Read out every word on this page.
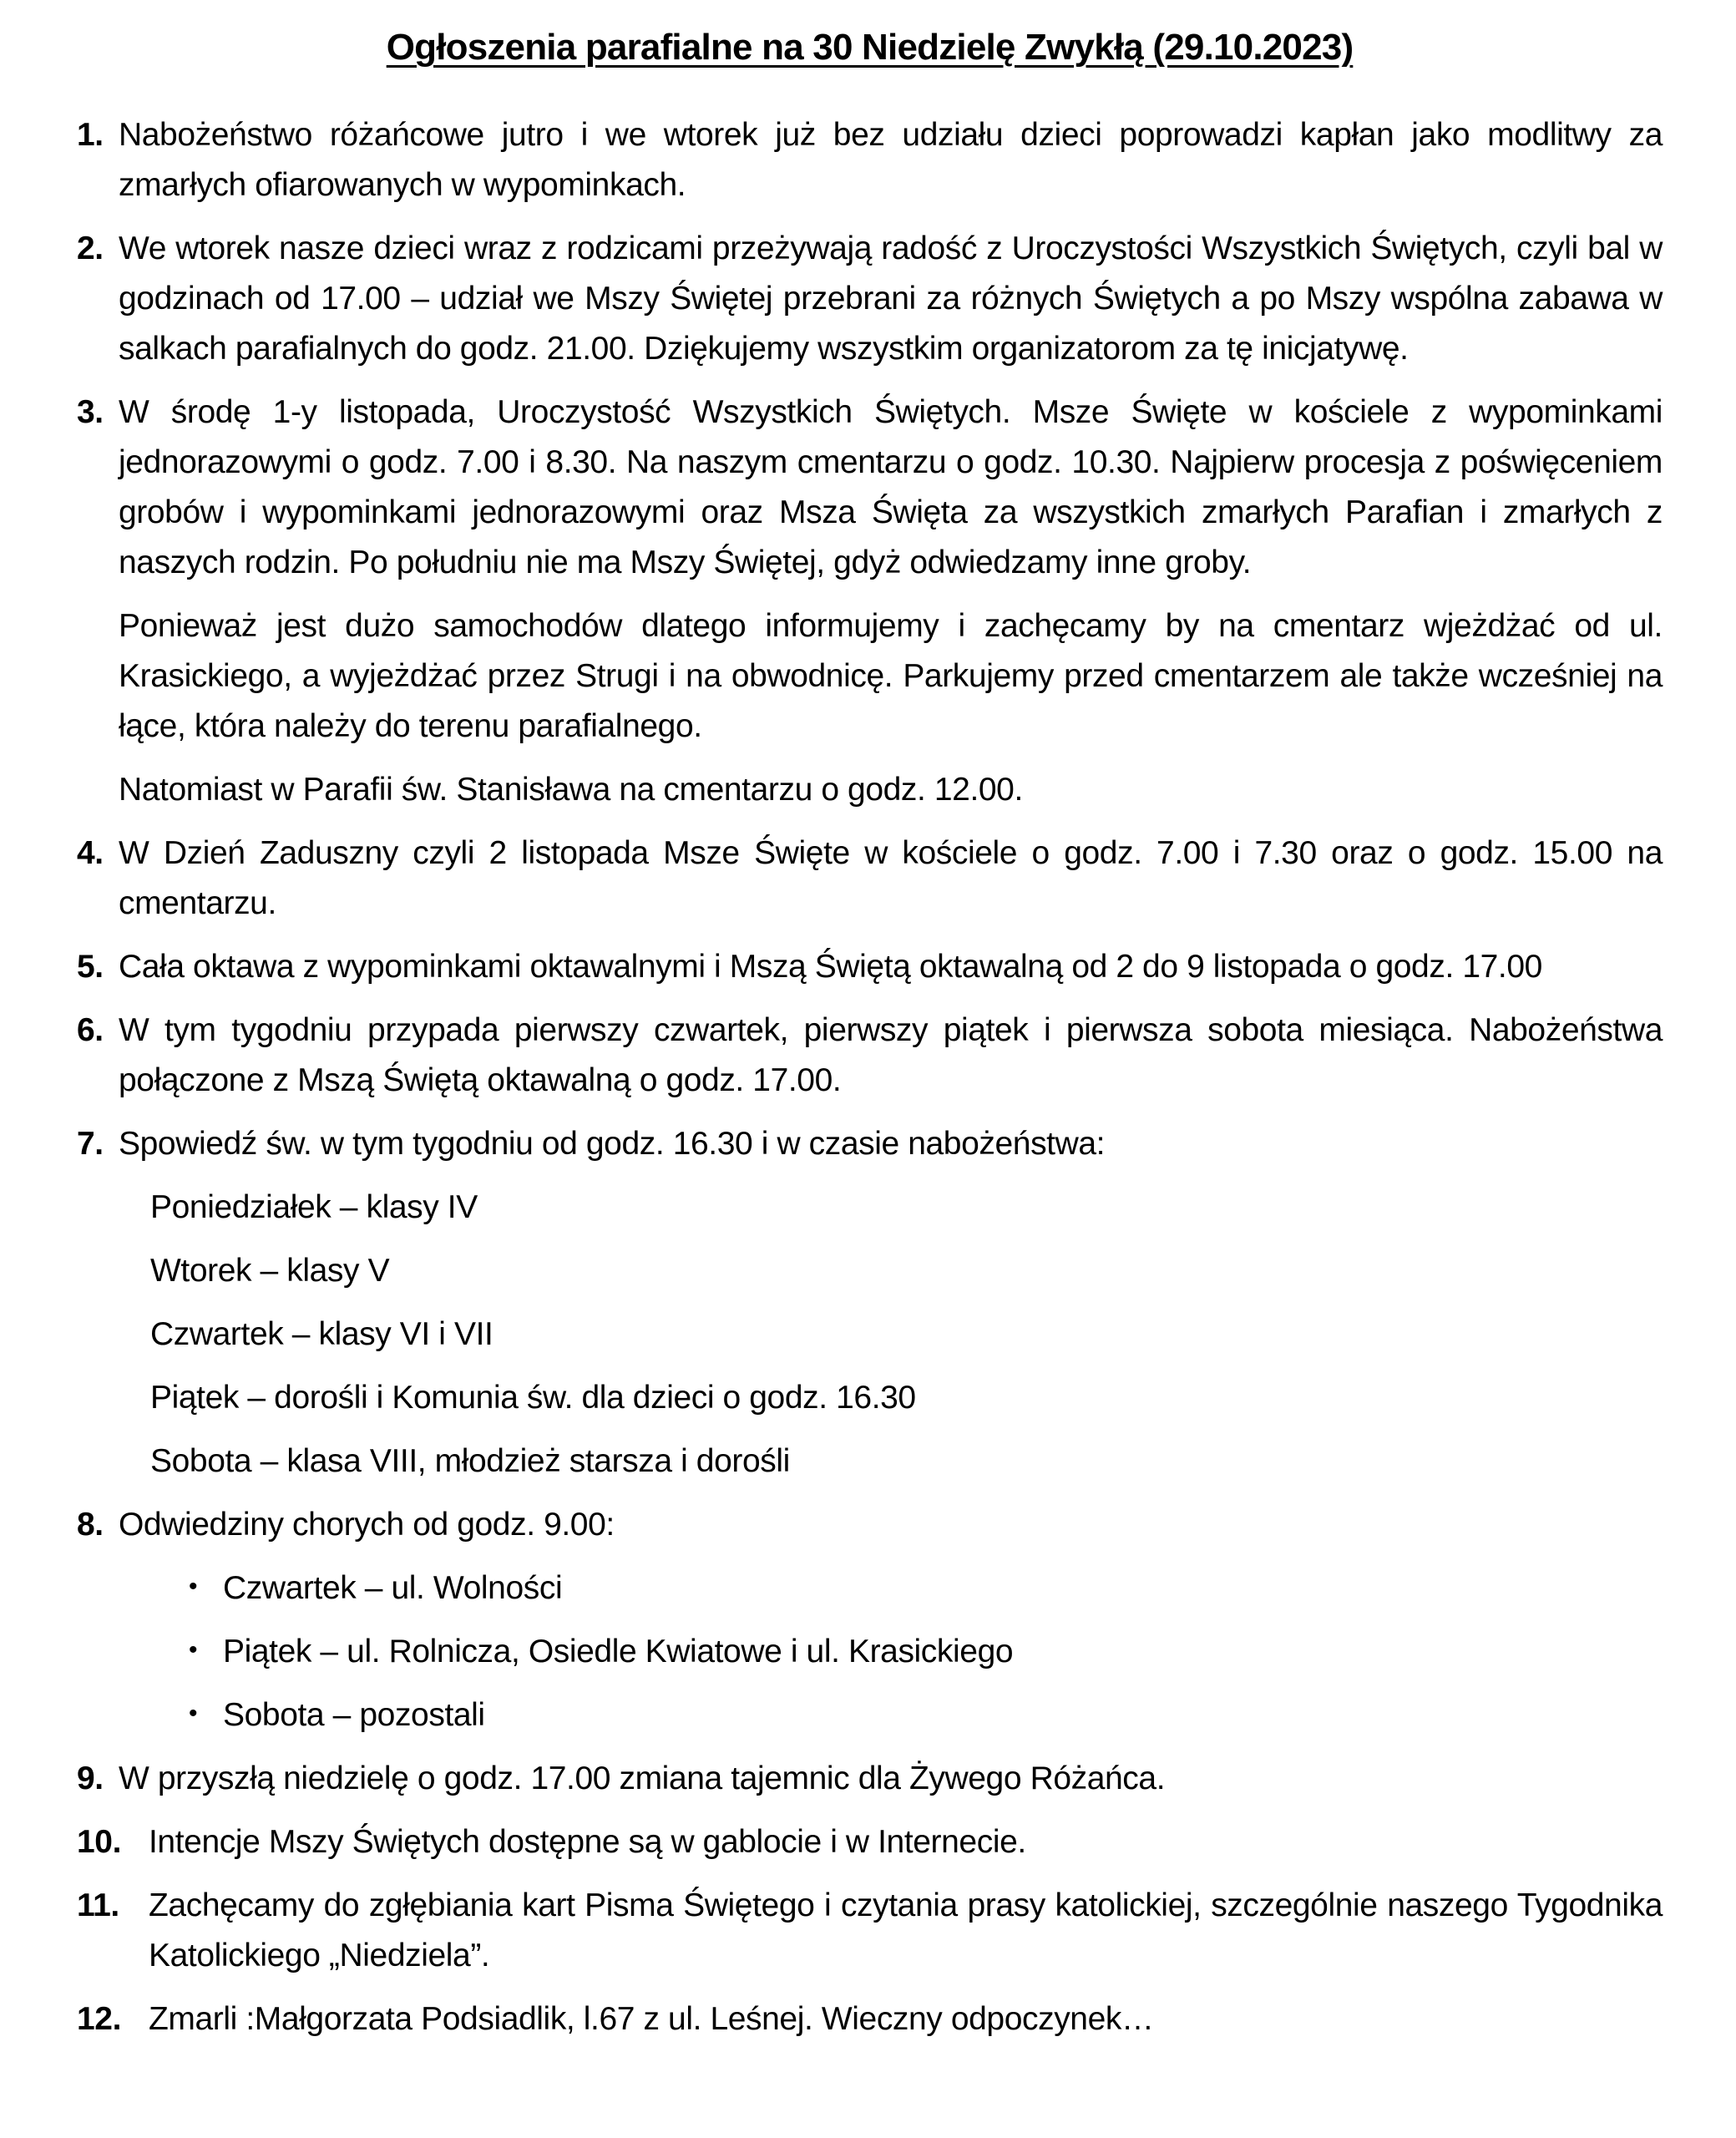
Ogłoszenia parafialne na 30 Niedzielę Zwykłą (29.10.2023)
1. Nabożeństwo różańcowe jutro i we wtorek już bez udziału dzieci poprowadzi kapłan jako modlitwy za zmarłych ofiarowanych w wypominkach.
2. We wtorek nasze dzieci wraz z rodzicami przeżywają radość z Uroczystości Wszystkich Świętych, czyli bal w godzinach od 17.00 – udział we Mszy Świętej przebrani za różnych Świętych a po Mszy wspólna zabawa w salkach parafialnych do godz. 21.00. Dziękujemy wszystkim organizatorom za tę inicjatywę.
3. W środę 1-y listopada, Uroczystość Wszystkich Świętych. Msze Święte w kościele z wypominkami jednorazowymi o godz. 7.00 i 8.30. Na naszym cmentarzu o godz. 10.30. Najpierw procesja z poświęceniem grobów i wypominkami jednorazowymi oraz Msza Święta za wszystkich zmarłych Parafian i zmarłych z naszych rodzin. Po południu nie ma Mszy Świętej, gdyż odwiedzamy inne groby.
Ponieważ jest dużo samochodów dlatego informujemy i zachęcamy by na cmentarz wjeżdżać od ul. Krasickiego, a wyjeżdżać przez Strugi i na obwodnicę. Parkujemy przed cmentarzem ale także wcześniej na łące, która należy do terenu parafialnego.
Natomiast w Parafii św. Stanisława na cmentarzu o godz. 12.00.
4. W Dzień Zaduszny czyli 2 listopada Msze Święte w kościele o godz. 7.00 i 7.30 oraz o godz. 15.00 na cmentarzu.
5. Cała oktawa z wypominkami oktawalnymi i Mszą Świętą oktawalną od 2 do 9 listopada o godz. 17.00
6. W tym tygodniu przypada pierwszy czwartek, pierwszy piątek i pierwsza sobota miesiąca. Nabożeństwa połączone z Mszą Świętą oktawalną o godz. 17.00.
7. Spowiedź św. w tym tygodniu od godz. 16.30 i w czasie nabożeństwa:
Poniedziałek – klasy IV
Wtorek – klasy V
Czwartek – klasy VI i VII
Piątek – dorośli i Komunia św. dla dzieci o godz. 16.30
Sobota – klasa VIII, młodzież starsza i dorośli
8. Odwiedziny chorych od godz. 9.00:
• Czwartek – ul. Wolności
• Piątek – ul. Rolnicza, Osiedle Kwiatowe i ul. Krasickiego
• Sobota – pozostali
9. W przyszłą niedzielę o godz. 17.00 zmiana tajemnic dla Żywego Różańca.
10. Intencje Mszy Świętych dostępne są w gablocie i w Internecie.
11. Zachęcamy do zgłębiania kart Pisma Świętego i czytania prasy katolickiej, szczególnie naszego Tygodnika Katolickiego „Niedziela”.
12. Zmarli :Małgorzata Podsiadlik, l.67 z ul. Leśnej. Wieczny odpoczynek…
